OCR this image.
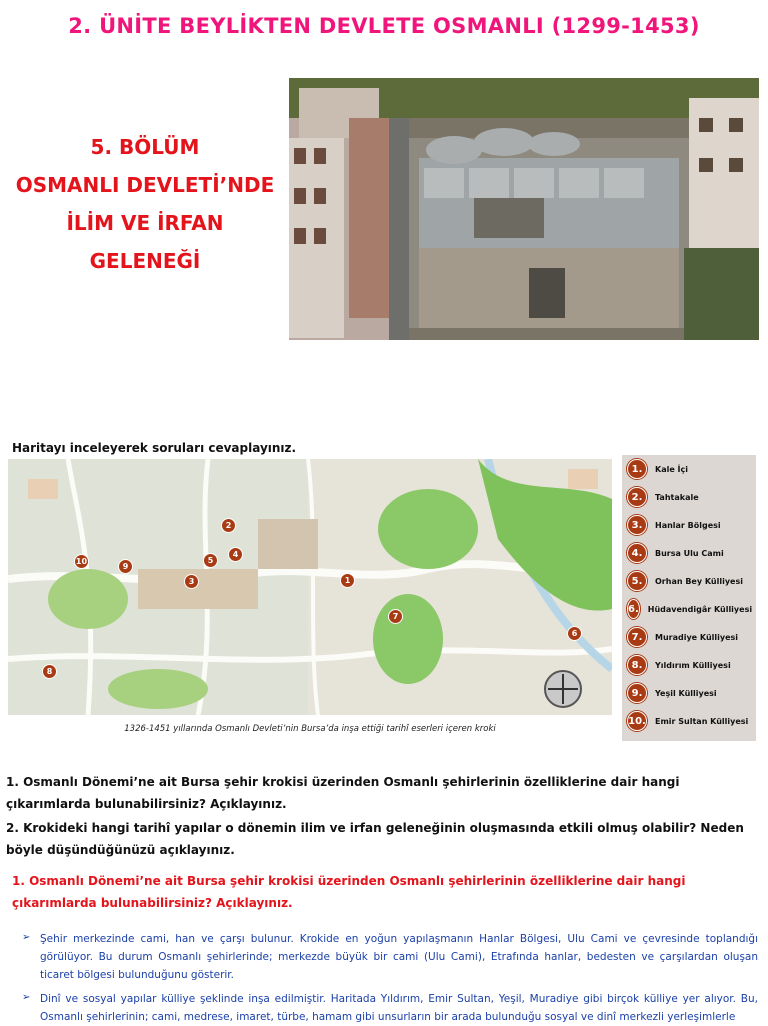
2. ÜNİTE BEYLİKTEN DEVLETE OSMANLI (1299-1453)
5. BÖLÜM
OSMANLI DEVLETİ’NDE
İLİM VE İRFAN
GELENEĞİ
Haritayı inceleyerek soruları cevaplayınız.
10
9
5
3
2
4
1
7
6
8
1326-1451 yıllarında Osmanlı Devleti’nin Bursa’da inşa ettiği tarihî eserleri içeren kroki
1.	Kale İçi
2.	Tahtakale
3.	Hanlar Bölgesi
4.	Bursa Ulu Cami
5.	Orhan Bey Külliyesi
6. Hüdavendigâr Külliyesi
7.	Muradiye Külliyesi
8.	Yıldırım Külliyesi
9.	Yeşil Külliyesi
10. Emir Sultan Külliyesi
1. Osmanlı Dönemi’ne ait Bursa şehir krokisi üzerinden Osmanlı şehirlerinin özelliklerine dair hangi çıkarımlarda bulunabilirsiniz? Açıklayınız.
2. Krokideki hangi tarihî yapılar o dönemin ilim ve irfan geleneğinin oluşmasında etkili olmuş olabilir? Neden böyle düşündüğünüzü açıklayınız.
1. Osmanlı Dönemi’ne ait Bursa şehir krokisi üzerinden Osmanlı şehirlerinin özelliklerine dair hangi çıkarımlarda bulunabilirsiniz? Açıklayınız.
➢ Şehir merkezinde cami, han ve çarşı bulunur. Krokide en yoğun yapılaşmanın Hanlar Bölgesi, Ulu Cami ve çevresinde toplandığı görülüyor. Bu durum Osmanlı şehirlerinde; merkezde büyük bir cami (Ulu Cami), Etrafında hanlar, bedesten ve çarşılardan oluşan ticaret bölgesi bulunduğunu gösterir.
➢ Dinî ve sosyal yapılar külliye şeklinde inşa edilmiştir. Haritada Yıldırım, Emir Sultan, Yeşil, Muradiye gibi birçok külliye yer alıyor. Bu, Osmanlı şehirlerinin; cami, medrese, imaret, türbe, hamam gibi unsurların bir arada bulunduğu sosyal ve dinî merkezli yerleşimlerle
